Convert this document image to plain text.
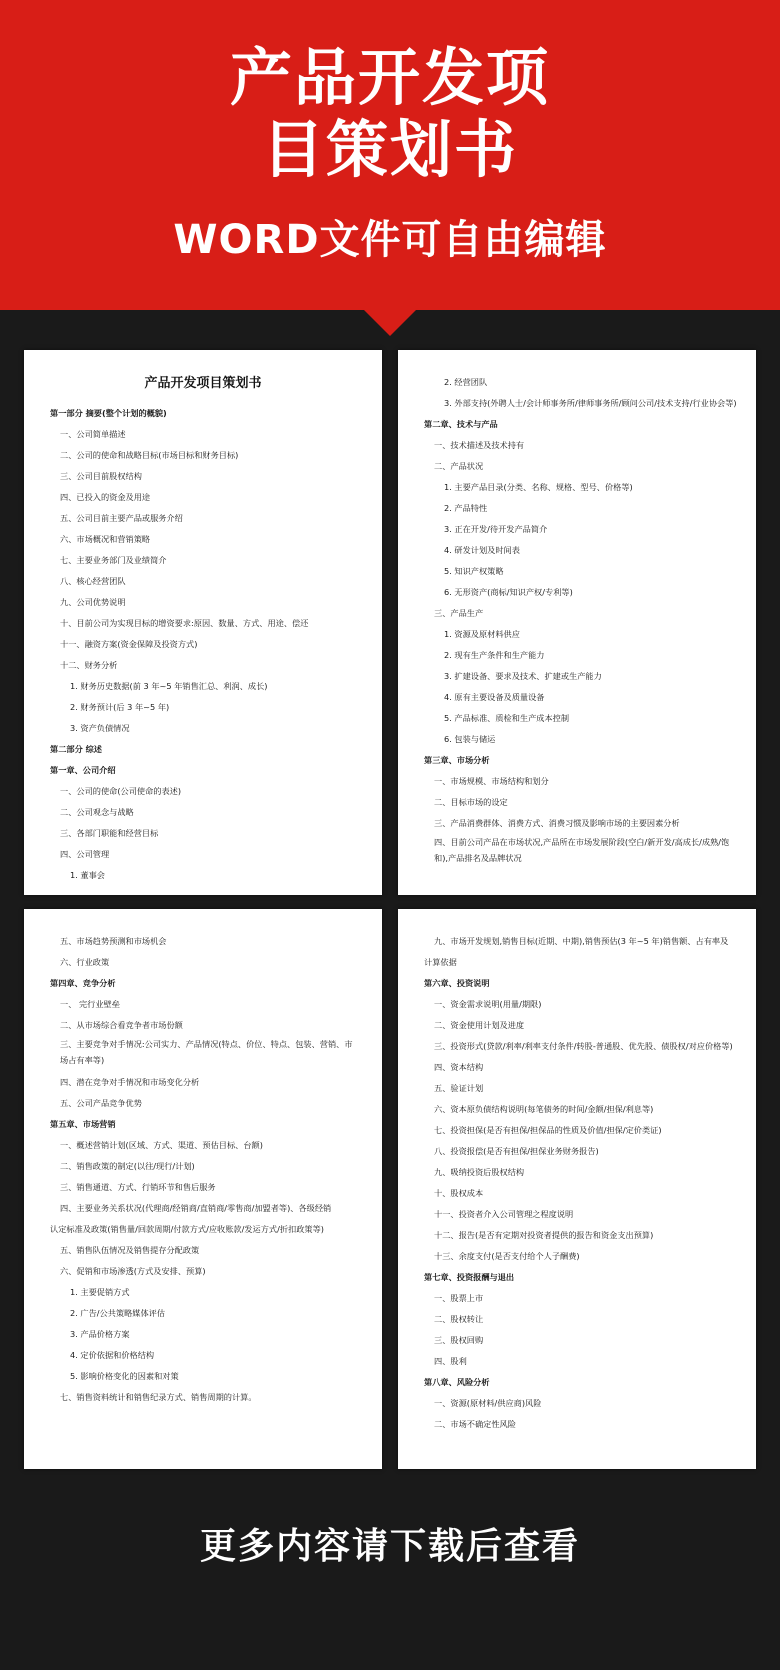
产品开发项
目策划书
WORD文件可自由编辑
产品开发项目策划书
第一部分 摘要(整个计划的概貌)
一、公司简单描述
二、公司的使命和战略目标(市场目标和财务目标)
三、公司目前股权结构
四、已投入的资金及用途
五、公司目前主要产品或服务介绍
六、市场概况和营销策略
七、主要业务部门及业绩简介
八、核心经营团队
九、公司优势说明
十、目前公司为实现目标的增资要求:原因、数量、方式、用途、偿还
十一、融资方案(资金保障及投资方式)
十二、财务分析
1. 财务历史数据(前 3 年~5 年销售汇总、利润、成长)
2. 财务预计(后 3 年~5 年)
3. 资产负债情况
第二部分 综述
第一章、公司介绍
一、公司的使命(公司使命的表述)
二、公司观念与战略
三、各部门职能和经营目标
四、公司管理
1. 董事会
2. 经营团队
3. 外部支持(外聘人士/会计师事务所/律师事务所/顾问公司/技术支持/行业协会等)
第二章、技术与产品
一、技术描述及技术持有
二、产品状况
1. 主要产品目录(分类、名称、规格、型号、价格等)
2. 产品特性
3. 正在开发/待开发产品简介
4. 研发计划及时间表
5. 知识产权策略
6. 无形资产(商标/知识产权/专利等)
三、产品生产
1. 资源及原材料供应
2. 现有生产条件和生产能力
3. 扩建设备、要求及技术、扩建或生产能力
4. 原有主要设备及质量设备
5. 产品标准、质检和生产成本控制
6. 包装与储运
第三章、市场分析
一、市场规模、市场结构和划分
二、目标市场的设定
三、产品消费群体、消费方式、消费习惯及影响市场的主要因素分析
四、目前公司产品在市场状况,产品所在市场发展阶段(空白/新开发/高成长/成熟/饱和),产品排名及品牌状况
五、市场趋势预测和市场机会
六、行业政策
第四章、竞争分析
一、 完行业壁垒
二、从市场综合看竞争者市场份额
三、主要竞争对手情况:公司实力、产品情况(特点、价位、特点、包装、营销、市场占有率等)
四、潜在竞争对手情况和市场变化分析
五、公司产品竞争优势
第五章、市场营销
一、概述营销计划(区域、方式、渠道、预估目标、台额)
二、销售政策的制定(以往/现行/计划)
三、销售通道、方式、行销环节和售后服务
四、主要业务关系状况(代理商/经销商/直销商/零售商/加盟者等)、各级经销
认定标准及政策(销售量/回款周期/付款方式/应收账款/发运方式/折扣政策等)
五、销售队伍情况及销售提存分配政策
六、促销和市场渗透(方式及安排、预算)
1. 主要促销方式
2. 广告/公共策略媒体评估
3. 产品价格方案
4. 定价依据和价格结构
5. 影响价格变化的因素和对策
七、销售资料统计和销售纪录方式、销售周期的计算。
九、市场开发规划,销售目标(近期、中期),销售预估(3 年~5 年)销售额、占有率及
计算依据
第六章、投资说明
一、资金需求说明(用量/期限)
二、资金使用计划及进度
三、投资形式(贷款/利率/利率支付条件/转股-普通股、优先股、债股权/对应价格等)
四、资本结构
五、验证计划
六、资本原负债结构说明(每笔债务的时间/金额/担保/利息等)
七、投资担保(是否有担保/担保品的性质及价值/担保/定价类证)
八、投资报偿(是否有担保/担保业务财务报告)
九、吸纳投资后股权结构
十、股权成本
十一、投资者介入公司管理之程度说明
十二、报告(是否有定期对投资者提供的报告和资金支出预算)
十三、余度支付(是否支付给个人子酬费)
第七章、投资报酬与退出
一、股票上市
二、股权转让
三、股权回购
四、股利
第八章、风险分析
一、资源(原材料/供应商)风险
二、市场不确定性风险
更多内容请下载后查看
